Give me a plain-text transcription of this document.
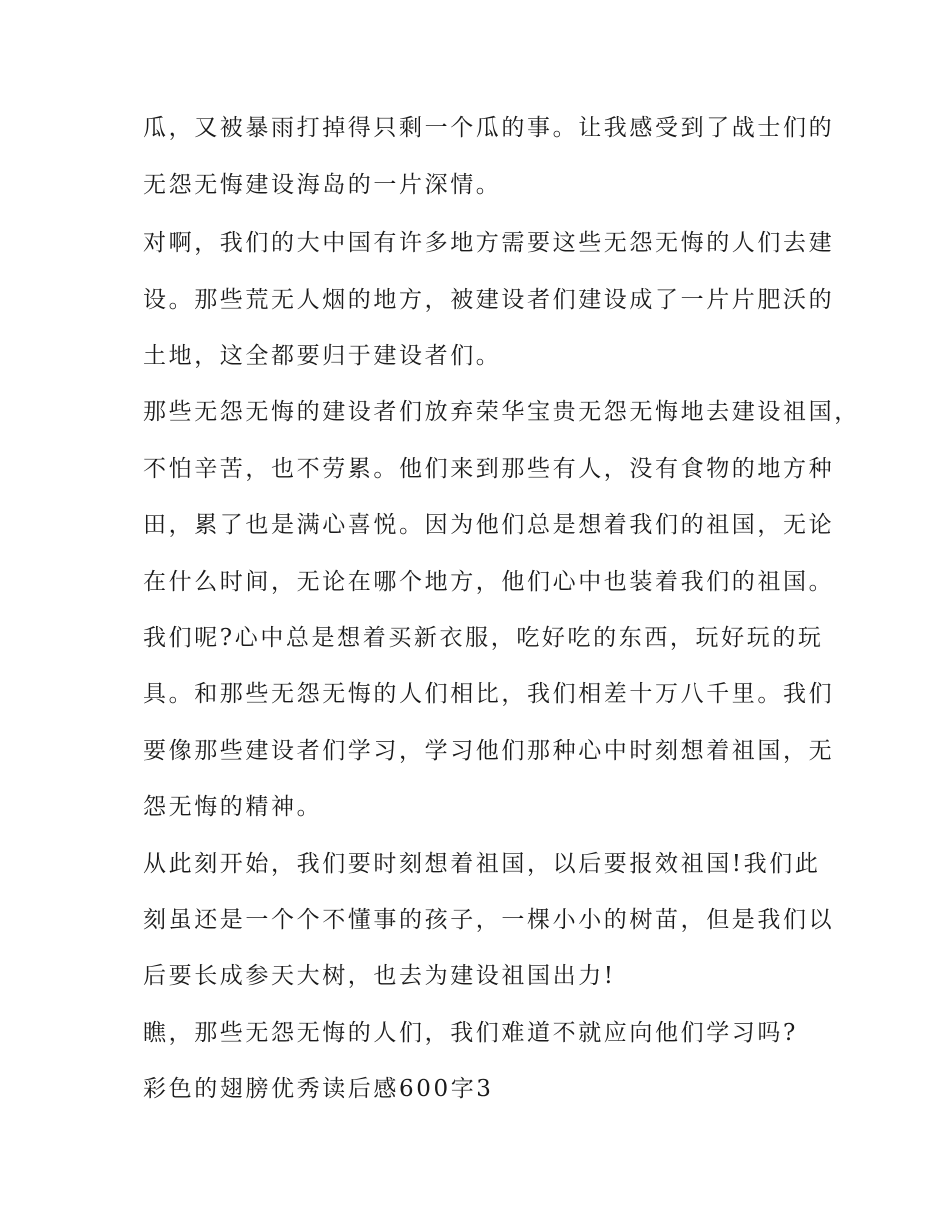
瓜，又被暴雨打掉得只剩一个瓜的事。让我感受到了战士们的
无怨无悔建设海岛的一片深情。
对啊，我们的大中国有许多地方需要这些无怨无悔的人们去建
设。那些荒无人烟的地方，被建设者们建设成了一片片肥沃的
土地，这全都要归于建设者们。
那些无怨无悔的建设者们放弃荣华宝贵无怨无悔地去建设祖国，
不怕辛苦，也不劳累。他们来到那些有人，没有食物的地方种
田，累了也是满心喜悦。因为他们总是想着我们的祖国，无论
在什么时间，无论在哪个地方，他们心中也装着我们的祖国。
我们呢?心中总是想着买新衣服，吃好吃的东西，玩好玩的玩
具。和那些无怨无悔的人们相比，我们相差十万八千里。我们
要像那些建设者们学习，学习他们那种心中时刻想着祖国，无
怨无悔的精神。
从此刻开始，我们要时刻想着祖国，以后要报效祖国!我们此
刻虽还是一个个不懂事的孩子，一棵小小的树苗，但是我们以
后要长成参天大树，也去为建设祖国出力!
瞧，那些无怨无悔的人们，我们难道不就应向他们学习吗?
彩色的翅膀优秀读后感600字3
